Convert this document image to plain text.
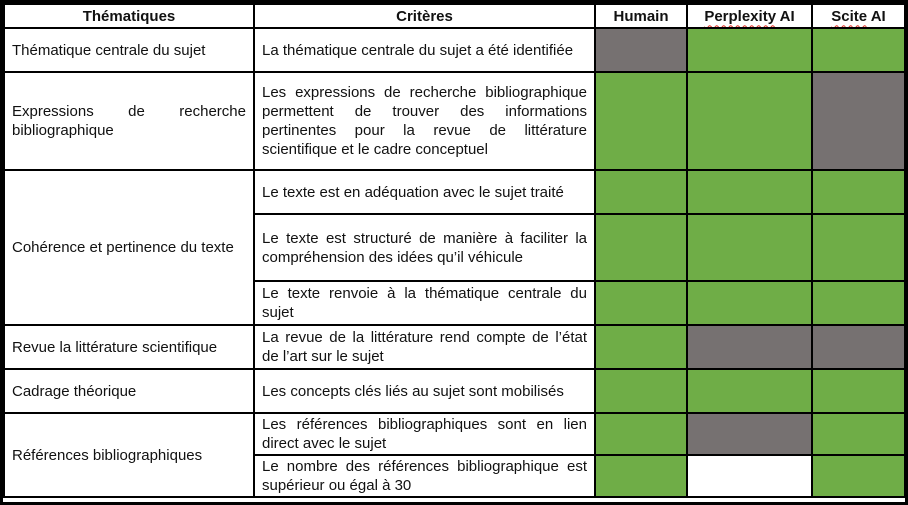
Thématiques	Critères	Humain	Perplexity AI	Scite AI
Thématique centrale du sujet	La thématique centrale du sujet a été identifiée			
Expressions de recherche bibliographique	Les expressions de recherche bibliographique permettent de trouver des informations pertinentes pour la revue de littérature scientifique et le cadre conceptuel			
Cohérence et pertinence du texte	Le texte est en adéquation avec le sujet traité			
	Le texte est structuré de manière à faciliter la compréhension des idées qu’il véhicule			
	Le texte renvoie à la thématique centrale du sujet			
Revue la littérature scientifique	La revue de la littérature rend compte de l’état de l’art sur le sujet			
Cadrage théorique	Les concepts clés liés au sujet sont mobilisés			
Références bibliographiques	Les références bibliographiques sont en lien direct avec le sujet			
	Le nombre des références bibliographique est supérieur ou égal à 30			
